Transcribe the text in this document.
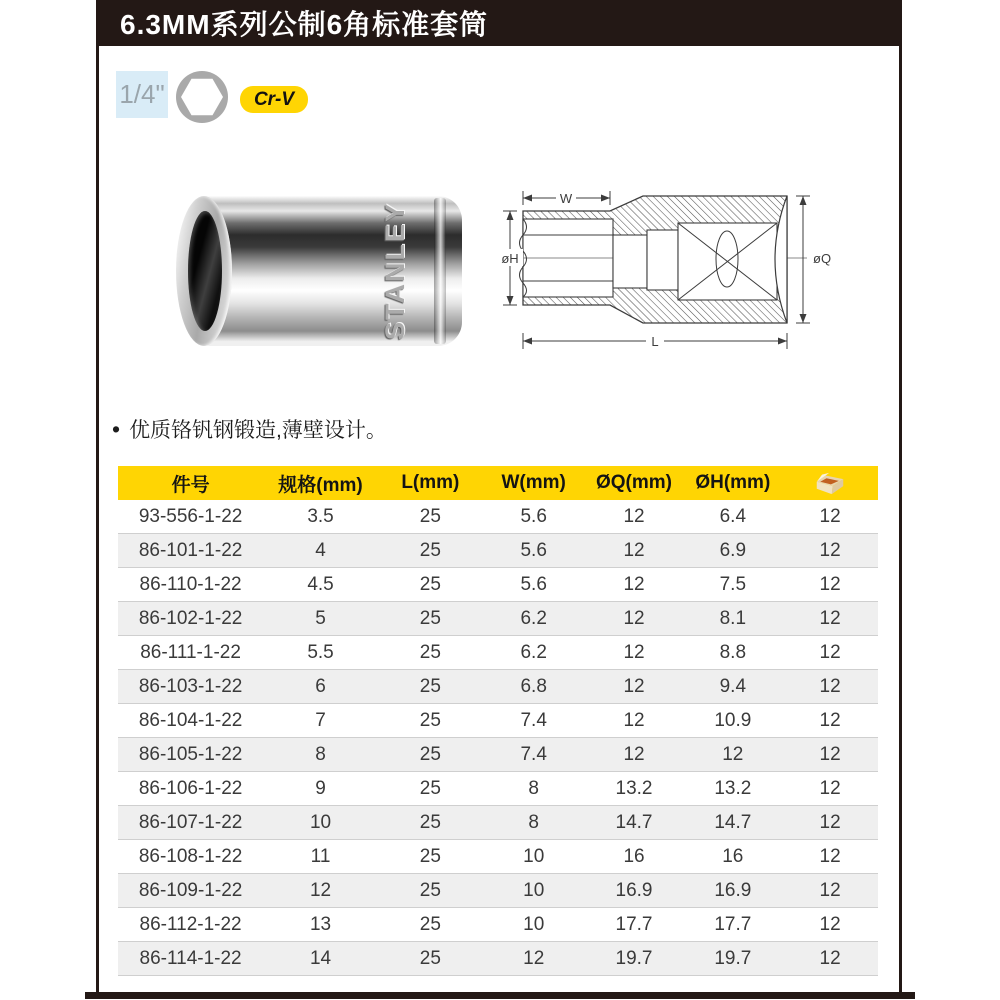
6.3MM系列公制6角标准套筒
1/4"	Cr-V
STANLEY
W
øH	øQ
L
• 优质铬钒钢锻造,薄壁设计。
件号	规格(mm)	L(mm)	W(mm)	ØQ(mm)	ØH(mm)	
93-556-1-22	3.5	25	5.6	12	6.4	12
86-101-1-22	4	25	5.6	12	6.9	12
86-110-1-22	4.5	25	5.6	12	7.5	12
86-102-1-22	5	25	6.2	12	8.1	12
86-111-1-22	5.5	25	6.2	12	8.8	12
86-103-1-22	6	25	6.8	12	9.4	12
86-104-1-22	7	25	7.4	12	10.9	12
86-105-1-22	8	25	7.4	12	12	12
86-106-1-22	9	25	8	13.2	13.2	12
86-107-1-22	10	25	8	14.7	14.7	12
86-108-1-22	11	25	10	16	16	12
86-109-1-22	12	25	10	16.9	16.9	12
86-112-1-22	13	25	10	17.7	17.7	12
86-114-1-22	14	25	12	19.7	19.7	12
